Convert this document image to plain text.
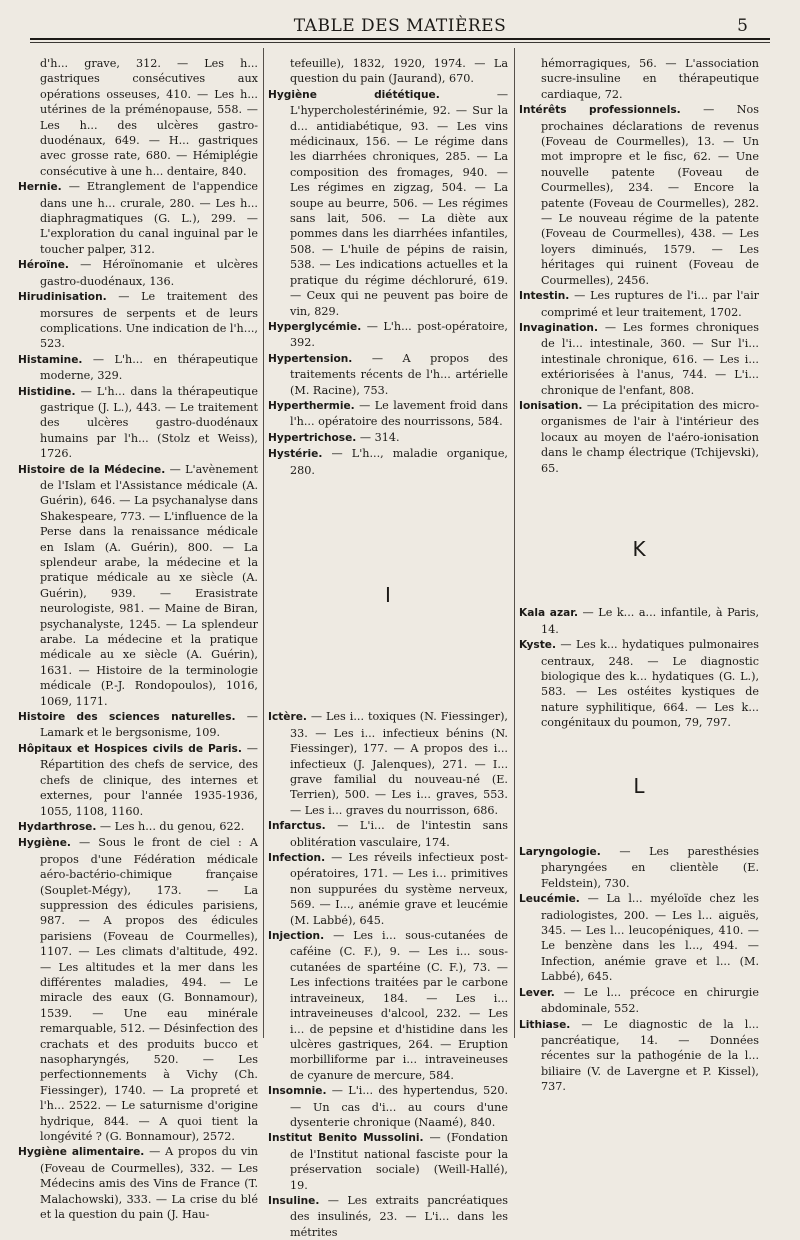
TABLE DES MATIÈRES	5

d'h... grave, 312. — Les h... gastriques consécutives aux opérations osseuses, 410. — Les h... utérines de la préménopause, 558. — Les h... des ulcères gastro-duodénaux, 649. — H... gastriques avec grosse rate, 680. — Hémiplégie consécutive à une h... dentaire, 840.

Hernie. — Etranglement de l'appendice dans une h... crurale, 280. — Les h... diaphragmatiques (G. L.), 299. — L'exploration du canal inguinal par le toucher palper, 312.

Héroïne. — Héroïnomanie et ulcères gastro-duodénaux, 136.

Hirudinisation. — Le traitement des morsures de serpents et de leurs complications. Une indication de l'h..., 523.

Histamine. — L'h... en thérapeutique moderne, 329.

Histidine. — L'h... dans la thérapeutique gastrique (J. L.), 443. — Le traitement des ulcères gastro-duodénaux humains par l'h... (Stolz et Weiss), 1726.

Histoire de la Médecine. — L'avènement de l'Islam et l'Assistance médicale (A. Guérin), 646. — La psychanalyse dans Shakespeare, 773. — L'influence de la Perse dans la renaissance médicale en Islam (A. Guérin), 800. — La splendeur arabe, la médecine et la pratique médicale au xe siècle (A. Guérin), 939. — Erasistrate neurologiste, 981. — Maine de Biran, psychanalyste, 1245. — La splendeur arabe. La médecine et la pratique médicale au xe siècle (A. Guérin), 1631. — Histoire de la terminologie médicale (P.-J. Rondopoulos), 1016, 1069, 1171.

Histoire des sciences naturelles. — Lamark et le bergsonisme, 109.

Hôpitaux et Hospices civils de Paris. — Répartition des chefs de service, des chefs de clinique, des internes et externes, pour l'année 1935-1936, 1055, 1108, 1160.

Hydarthrose. — Les h... du genou, 622.

Hygiène. — Sous le front de ciel : A propos d'une Fédération médicale aéro-bactério-chimique française (Souplet-Mégy), 173. — La suppression des édicules parisiens, 987. — A propos des édicules parisiens (Foveau de Courmelles), 1107. — Les climats d'altitude, 492. — Les altitudes et la mer dans les différentes maladies, 494. — Le miracle des eaux (G. Bonnamour), 1539. — Une eau minérale remarquable, 512. — Désinfection des crachats et des produits bucco et nasopharyngés, 520. — Les perfectionnements à Vichy (Ch. Fiessinger), 1740. — La propreté et l'h... 2522. — Le saturnisme d'origine hydrique, 844. — A quoi tient la longévité ? (G. Bonnamour), 2572.

Hygiène alimentaire. — A propos du vin (Foveau de Courmelles), 332. — Les Médecins amis des Vins de France (T. Malachowski), 333. — La crise du blé et la question du pain (J. Hau-

tefeuille), 1832, 1920, 1974. — La question du pain (Jaurand), 670.

Hygiène diététique. — L'hypercholestérinémie, 92. — Sur la d... antidiabétique, 93. — Les vins médicinaux, 156. — Le régime dans les diarrhées chroniques, 285. — La composition des fromages, 940. — Les régimes en zigzag, 504. — La soupe au beurre, 506. — Les régimes sans lait, 506. — La diète aux pommes dans les diarrhées infantiles, 508. — L'huile de pépins de raisin, 538. — Les indications actuelles et la pratique du régime déchloruré, 619. — Ceux qui ne peuvent pas boire de vin, 829.

Hyperglycémie. — L'h... post-opératoire, 392.

Hypertension. — A propos des traitements récents de l'h... artérielle (M. Racine), 753.

Hyperthermie. — Le lavement froid dans l'h... opératoire des nourrissons, 584.

Hypertrichose. — 314.

Hystérie. — L'h..., maladie organique, 280.

I

Ictère. — Les i... toxiques (N. Fiessinger), 33. — Les i... infectieux bénins (N. Fiessinger), 177. — A propos des i... infectieux (J. Jalenques), 271. — I... grave familial du nouveau-né (E. Terrien), 500. — Les i... graves, 553. — Les i... graves du nourrisson, 686.

Infarctus. — L'i... de l'intestin sans oblitération vasculaire, 174.

Infection. — Les réveils infectieux post-opératoires, 171. — Les i... primitives non suppurées du système nerveux, 569. — I..., anémie grave et leucémie (M. Labbé), 645.

Injection. — Les i... sous-cutanées de caféine (C. F.), 9. — Les i... sous-cutanées de spartéine (C. F.), 73. — Les infections traitées par le carbone intraveineux, 184. — Les i... intraveineuses d'alcool, 232. — Les i... de pepsine et d'histidine dans les ulcères gastriques, 264. — Eruption morbilliforme par i... intraveineuses de cyanure de mercure, 584.

Insomnie. — L'i... des hypertendus, 520. — Un cas d'i... au cours d'une dysenterie chronique (Naamé), 840.

Institut Benito Mussolini. — (Fondation de l'Institut national fasciste pour la préservation sociale) (Weill-Hallé), 19.

Insuline. — Les extraits pancréatiques des insulinés, 23. — L'i... dans les métrites

hémorragiques, 56. — L'association sucre-insuline en thérapeutique cardiaque, 72.

Intérêts professionnels. — Nos prochaines déclarations de revenus (Foveau de Courmelles), 13. — Un mot impropre et le fisc, 62. — Une nouvelle patente (Foveau de Courmelles), 234. — Encore la patente (Foveau de Courmelles), 282. — Le nouveau régime de la patente (Foveau de Courmelles), 438. — Les loyers diminués, 1579. — Les héritages qui ruinent (Foveau de Courmelles), 2456.

Intestin. — Les ruptures de l'i... par l'air comprimé et leur traitement, 1702.

Invagination. — Les formes chroniques de l'i... intestinale, 360. — Sur l'i... intestinale chronique, 616. — Les i... extériorisées à l'anus, 744. — L'i... chronique de l'enfant, 808.

Ionisation. — La précipitation des micro-organismes de l'air à l'intérieur des locaux au moyen de l'aéro-ionisation dans le champ électrique (Tchijevski), 65.

K

Kala azar. — Le k... a... infantile, à Paris, 14.

Kyste. — Les k... hydatiques pulmonaires centraux, 248. — Le diagnostic biologique des k... hydatiques (G. L.), 583. — Les ostéites kystiques de nature syphilitique, 664. — Les k... congénitaux du poumon, 79, 797.

L

Laryngologie. — Les paresthésies pharyngées en clientèle (E. Feldstein), 730.

Leucémie. — La l... myéloïde chez les radiologistes, 200. — Les l... aiguës, 345. — Les l... leucopéniques, 410. — Le benzène dans les l..., 494. — Infection, anémie grave et l... (M. Labbé), 645.

Lever. — Le l... précoce en chirurgie abdominale, 552.

Lithiase. — Le diagnostic de la l... pancréatique, 14. — Données récentes sur la pathogénie de la l... biliaire (V. de Lavergne et P. Kissel), 737.
